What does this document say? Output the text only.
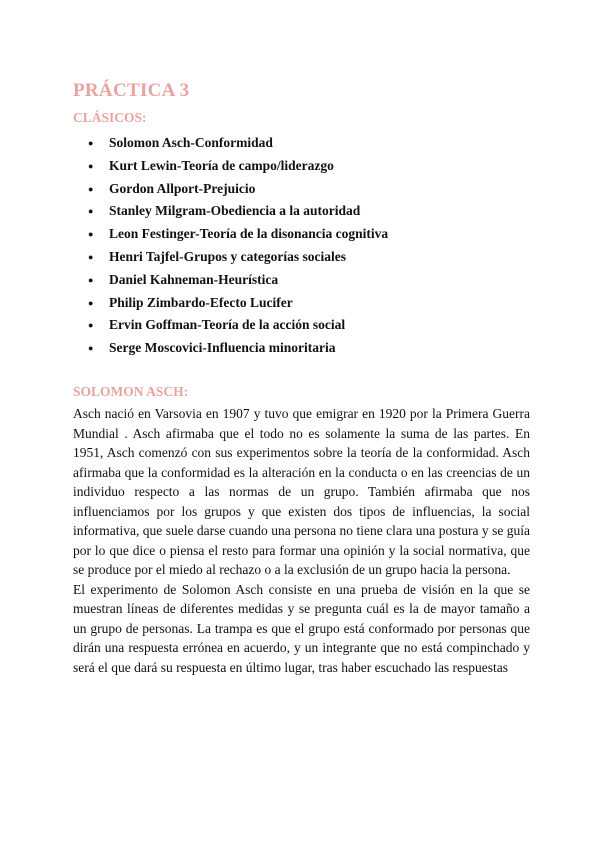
PRÁCTICA 3
CLÁSICOS:
● Solomon Asch-Conformidad
● Kurt Lewin-Teoría de campo/liderazgo
● Gordon Allport-Prejuicio
● Stanley Milgram-Obediencia a la autoridad
● Leon Festinger-Teoría de la disonancia cognitiva
● Henri Tajfel-Grupos y categorías sociales
● Daniel Kahneman-Heurística
● Philip Zimbardo-Efecto Lucifer
● Ervin Goffman-Teoría de la acción social
● Serge Moscovici-Influencia minoritaria
SOLOMON ASCH:

Asch nació en Varsovia en 1907 y tuvo que emigrar en 1920 por la Primera Guerra Mundial . Asch afirmaba que el todo no es solamente la suma de las partes. En 1951, Asch comenzó con sus experimentos sobre la teoría de la conformidad. Asch afirmaba que la conformidad es la alteración en la conducta o en las creencias de un individuo respecto a las normas de un grupo. También afirmaba que nos influenciamos por los grupos y que existen dos tipos de influencias, la social informativa, que suele darse cuando una persona no tiene clara una postura y se guía por lo que dice o piensa el resto para formar una opinión y la social normativa, que se produce por el miedo al rechazo o a la exclusión de un grupo hacia la persona.

El experimento de Solomon Asch consiste en una prueba de visión en la que se muestran líneas de diferentes medidas y se pregunta cuál es la de mayor tamaño a un grupo de personas. La trampa es que el grupo está conformado por personas que dirán una respuesta errónea en acuerdo, y un integrante que no está compinchado y será el que dará su respuesta en último lugar, tras haber escuchado las respuestas
